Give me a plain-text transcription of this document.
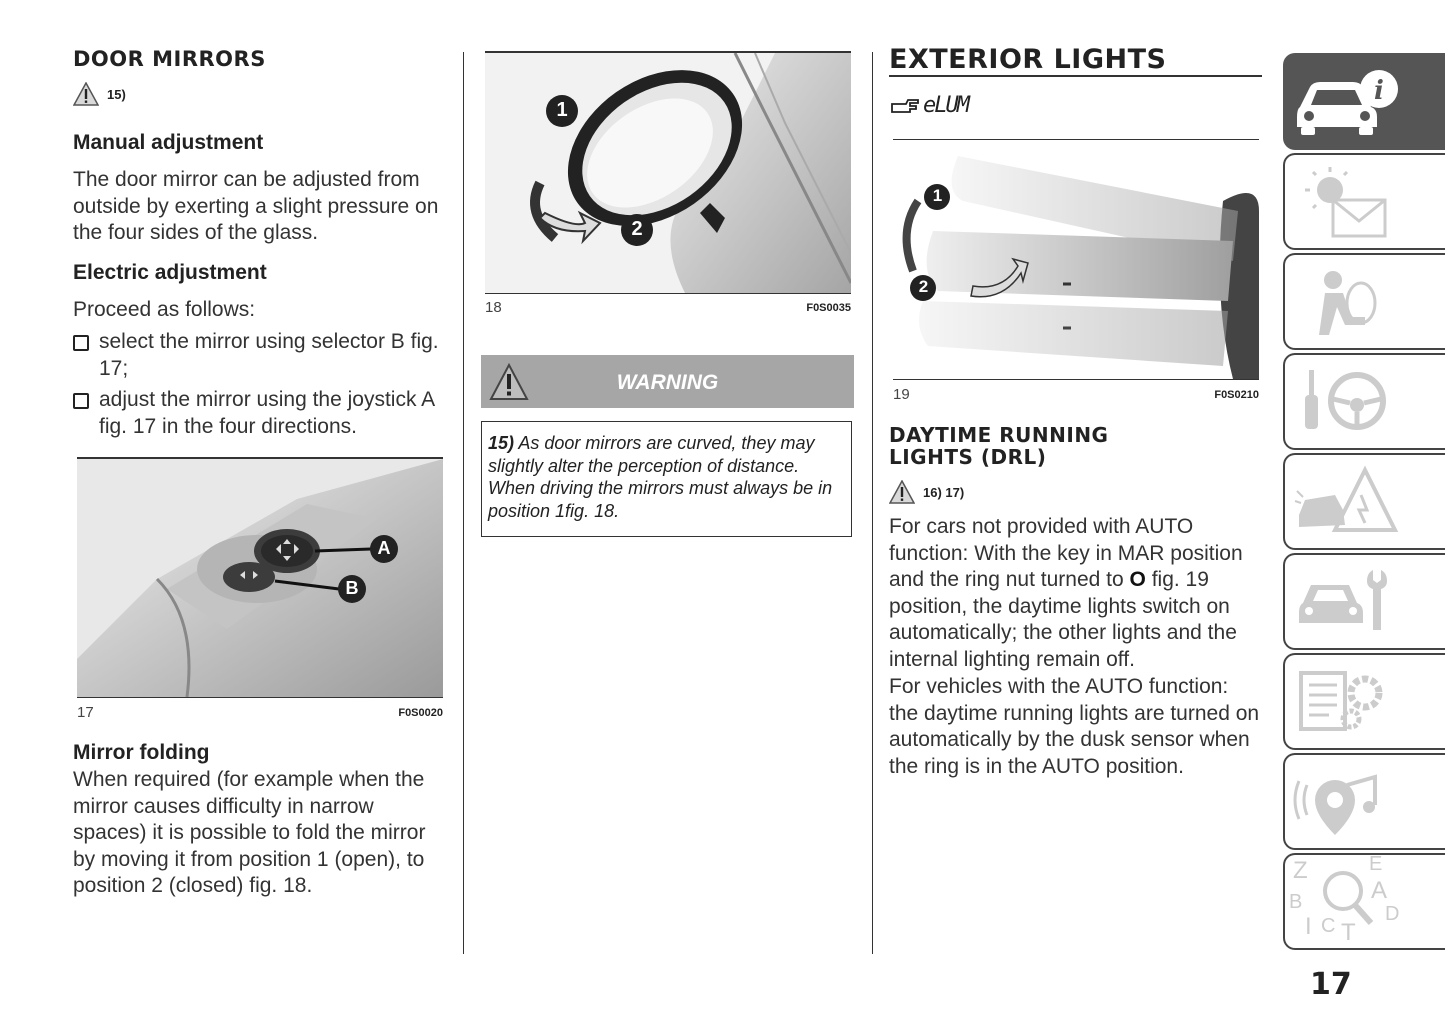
DOOR MIRRORS
15)
Manual adjustment
The door mirror can be adjusted from outside by exerting a slight pressure on the four sides of the glass.
Electric adjustment
Proceed as follows:
select the mirror using selector B fig. 17;
adjust the mirror using the joystick A fig. 17 in the four directions.
A
B
17	F0S0020
Mirror folding
When required (for example when the mirror causes difficulty in narrow spaces) it is possible to fold the mirror by moving it from position 1 (open), to position 2 (closed) fig. 18.
1
2
18	F0S0035
WARNING
15) As door mirrors are curved, they may slightly alter the perception of distance. When driving the mirrors must always be in position 1fig. 18.
EXTERIOR LIGHTS
eLUM
1
2
19	F0S0210
DAYTIME RUNNING
LIGHTS (DRL)
16) 17)
For cars not provided with AUTO function: With the key in MAR position and the ring nut turned to O fig. 19 position, the daytime lights switch on automatically; the other lights and the internal lighting remain off.
For vehicles with the AUTO function: the daytime running lights are turned on automatically by the dusk sensor when the ring is in the AUTO position.
i
Z	E
A
B
D
I C T
17
